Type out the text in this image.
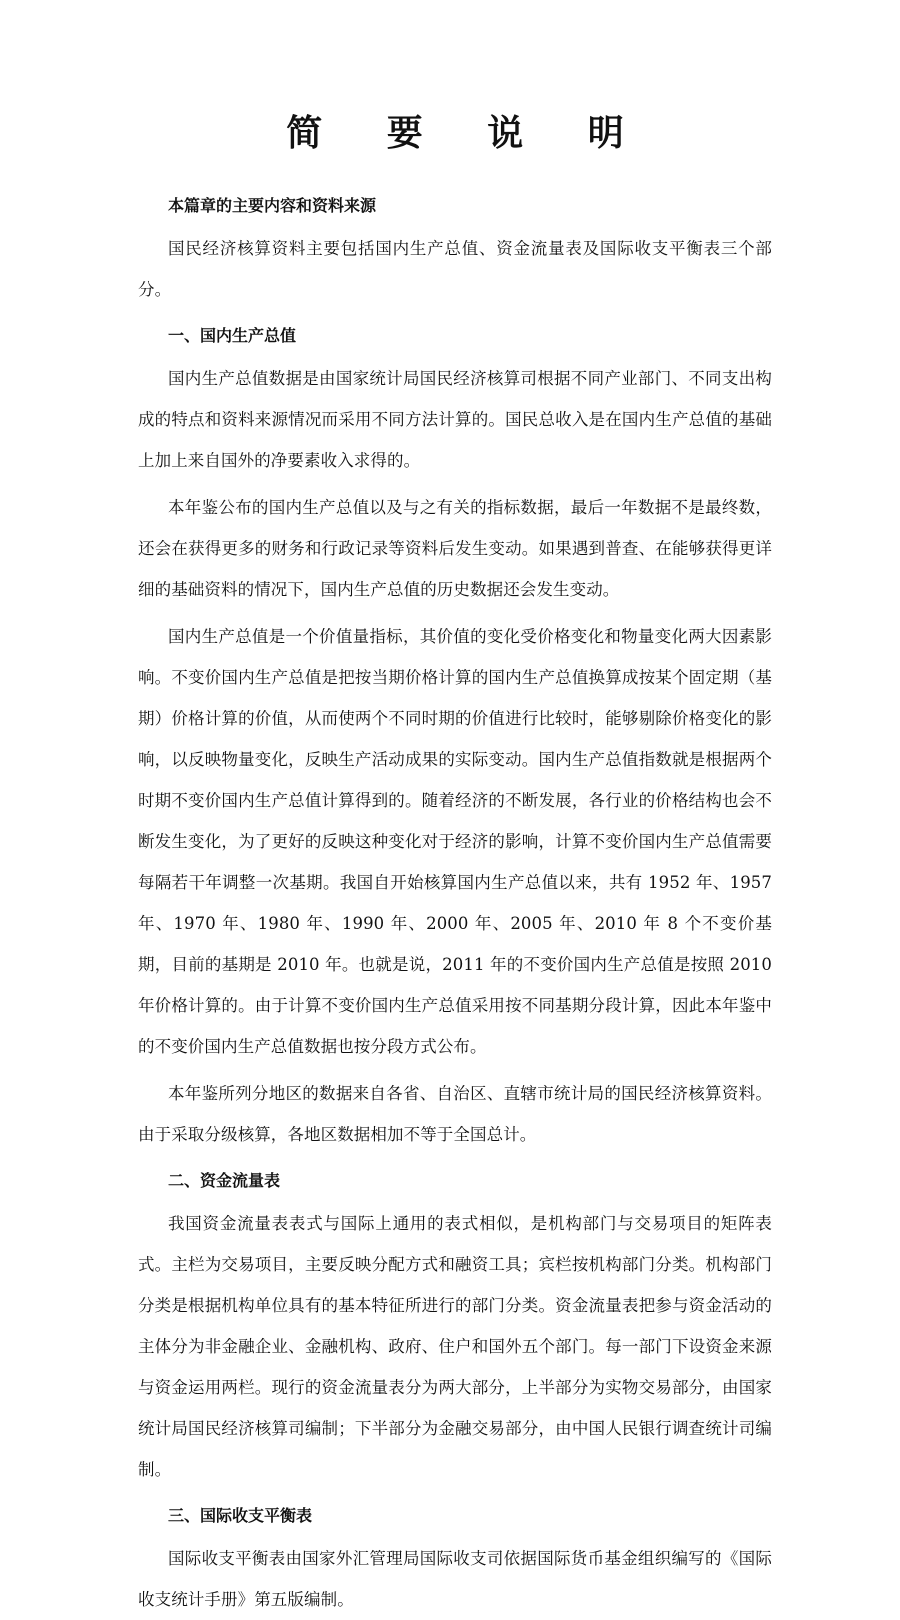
简 要 说 明

本篇章的主要内容和资料来源

国民经济核算资料主要包括国内生产总值、资金流量表及国际收支平衡表三个部分。

一、国内生产总值

国内生产总值数据是由国家统计局国民经济核算司根据不同产业部门、不同支出构成的特点和资料来源情况而采用不同方法计算的。国民总收入是在国内生产总值的基础上加上来自国外的净要素收入求得的。

本年鉴公布的国内生产总值以及与之有关的指标数据，最后一年数据不是最终数，还会在获得更多的财务和行政记录等资料后发生变动。如果遇到普查、在能够获得更详细的基础资料的情况下，国内生产总值的历史数据还会发生变动。

国内生产总值是一个价值量指标，其价值的变化受价格变化和物量变化两大因素影响。不变价国内生产总值是把按当期价格计算的国内生产总值换算成按某个固定期（基期）价格计算的价值，从而使两个不同时期的价值进行比较时，能够剔除价格变化的影响，以反映物量变化，反映生产活动成果的实际变动。国内生产总值指数就是根据两个时期不变价国内生产总值计算得到的。随着经济的不断发展，各行业的价格结构也会不断发生变化，为了更好的反映这种变化对于经济的影响，计算不变价国内生产总值需要每隔若干年调整一次基期。我国自开始核算国内生产总值以来，共有 1952 年、1957 年、1970 年、1980 年、1990 年、2000 年、2005 年、2010 年 8 个不变价基期，目前的基期是 2010 年。也就是说，2011 年的不变价国内生产总值是按照 2010 年价格计算的。由于计算不变价国内生产总值采用按不同基期分段计算，因此本年鉴中的不变价国内生产总值数据也按分段方式公布。

本年鉴所列分地区的数据来自各省、自治区、直辖市统计局的国民经济核算资料。由于采取分级核算，各地区数据相加不等于全国总计。

二、资金流量表

我国资金流量表表式与国际上通用的表式相似，是机构部门与交易项目的矩阵表式。主栏为交易项目，主要反映分配方式和融资工具；宾栏按机构部门分类。机构部门分类是根据机构单位具有的基本特征所进行的部门分类。资金流量表把参与资金活动的主体分为非金融企业、金融机构、政府、住户和国外五个部门。每一部门下设资金来源与资金运用两栏。现行的资金流量表分为两大部分，上半部分为实物交易部分，由国家统计局国民经济核算司编制；下半部分为金融交易部分，由中国人民银行调查统计司编制。

三、国际收支平衡表

国际收支平衡表由国家外汇管理局国际收支司依据国际货币基金组织编写的《国际收支统计手册》第五版编制。
